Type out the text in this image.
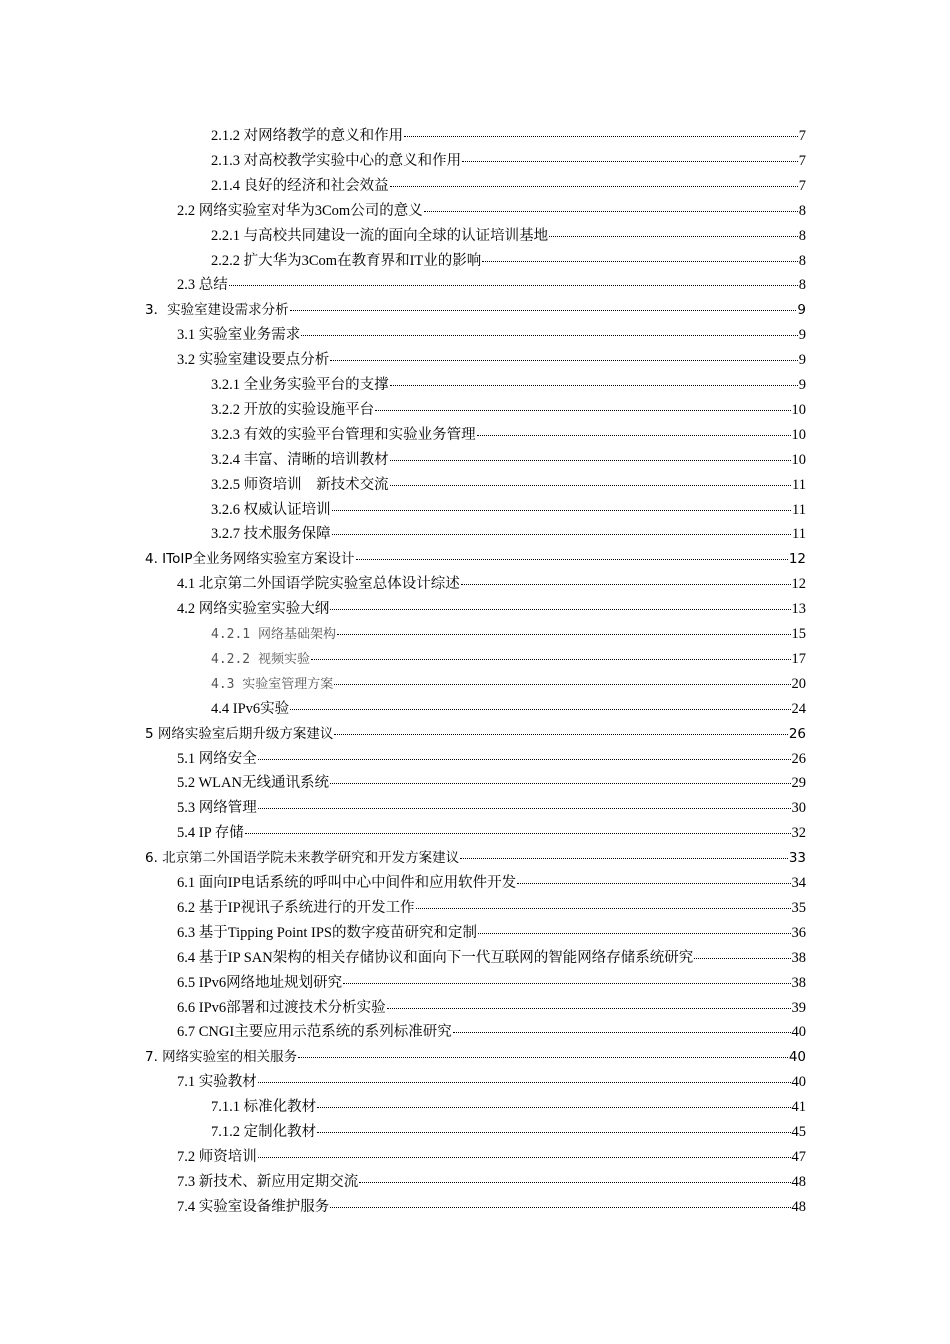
2.1.2 对网络教学的意义和作用	7
2.1.3 对高校教学实验中心的意义和作用	7
2.1.4 良好的经济和社会效益	7
2.2 网络实验室对华为3Com公司的意义	8
2.2.1 与高校共同建设一流的面向全球的认证培训基地	8
2.2.2 扩大华为3Com在教育界和IT业的影响	8
2.3 总结	8
3．实验室建设需求分析	9
3.1 实验室业务需求	9
3.2 实验室建设要点分析	9
3.2.1 全业务实验平台的支撑	9
3.2.2 开放的实验设施平台	10
3.2.3 有效的实验平台管理和实验业务管理	10
3.2.4 丰富、清晰的培训教材	10
3.2.5 师资培训　新技术交流	11
3.2.6 权威认证培训	11
3.2.7 技术服务保障	11
4. IToIP全业务网络实验室方案设计	12
4.1 北京第二外国语学院实验室总体设计综述	12
4.2 网络实验室实验大纲	13
4.2.1 网络基础架构	15
4.2.2 视频实验	17
4.3 实验室管理方案	20
4.4 IPv6实验	24
5 网络实验室后期升级方案建议	26
5.1 网络安全	26
5.2 WLAN无线通讯系统	29
5.3 网络管理	30
5.4 IP 存储	32
6. 北京第二外国语学院未来教学研究和开发方案建议	33
6.1 面向IP电话系统的呼叫中心中间件和应用软件开发	34
6.2 基于IP视讯子系统进行的开发工作	35
6.3 基于Tipping Point IPS的数字疫苗研究和定制	36
6.4 基于IP SAN架构的相关存储协议和面向下一代互联网的智能网络存储系统研究	38
6.5 IPv6网络地址规划研究	38
6.6 IPv6部署和过渡技术分析实验	39
6.7 CNGI主要应用示范系统的系列标准研究	40
7. 网络实验室的相关服务	40
7.1 实验教材	40
7.1.1 标准化教材	41
7.1.2 定制化教材	45
7.2 师资培训	47
7.3 新技术、新应用定期交流	48
7.4 实验室设备维护服务	48
